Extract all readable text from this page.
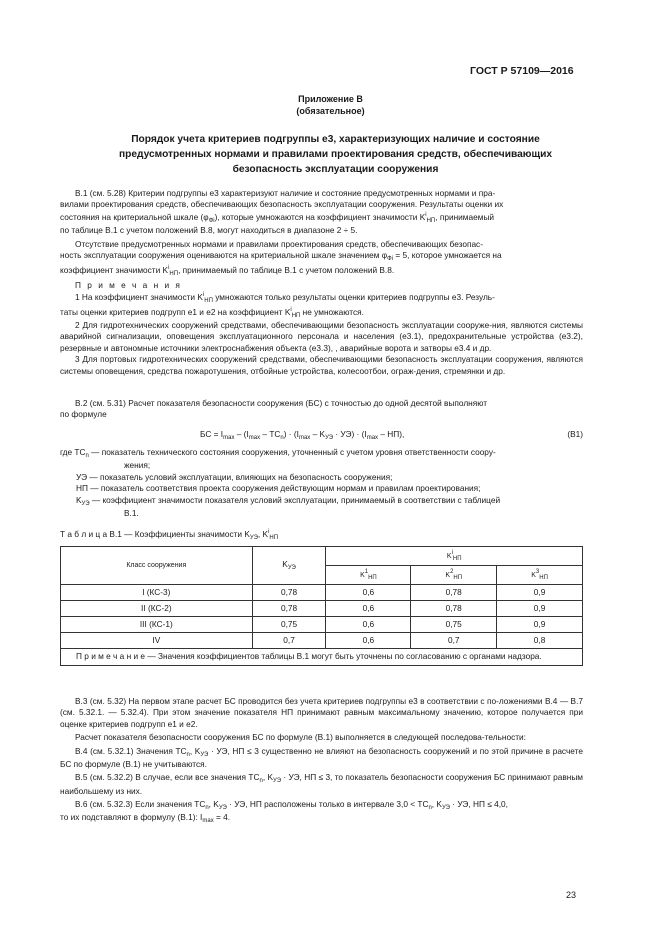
ГОСТ Р 57109—2016
Приложение В
(обязательное)
Порядок учета критериев подгруппы е3, характеризующих наличие и состояние
предусмотренных нормами и правилами проектирования средств, обеспечивающих
безопасность эксплуатации сооружения

В.1 (см. 5.28) Критерии подгруппы е3 характеризуют наличие и состояние предусмотренных нормами и пра-

вилами проектирования средств, обеспечивающих безопасность эксплуатации сооружения. Результаты оценки их

состояния на критериальной шкале $(\varphi_{Фi})$, которые умножаются на коэффициент значимости $K^i_{НП}$, принимаемый

по таблице В.1 с учетом положений В.8, могут находиться в диапазоне 2 ÷ 5.

Отсутствие предусмотренных нормами и правилами проектирования средств, обеспечивающих безопас-

ность эксплуатации сооружения оцениваются на критериальной шкале значением $\varphi_{Фi} = 5$, которое умножается на

коэффициент значимости $K^i_{НП}$, принимаемый по таблице В.1 с учетом положений В.8.

П р и м е ч а н и я

1 На коэффициент значимости $K^i_{НП}$ умножаются только результаты оценки критериев подгруппы е3. Резуль-

таты оценки критериев подгрупп е1 и е2 на коэффициент $K^i_{НП}$ не умножаются.

2 Для гидротехнических сооружений средствами, обеспечивающими безопасность эксплуатации сооруже-ния, являются системы аварийной сигнализации, оповещения эксплуатационного персонала и населения (е3.1), предохранительные устройства (е3.2), резервные и автономные источники электроснабжения объекта (е3.3), , аварийные ворота и затворы е3.4 и др.

3 Для портовых гидротехнических сооружений средствами, обеспечивающими безопасность эксплуатации сооружения, являются системы оповещения, средства пожаротушения, отбойные устройства, колесоотбои, ограж-дения, стремянки и др.

В.2 (см. 5.31) Расчет показателя безопасности сооружения (БС) с точностью до одной десятой выполняют

по формуле

БС = $I_{max} - (I_{max} - ТС_n) \cdot (I_{max} - K_{УЭ} \cdot УЭ) \cdot (I_{max} - НП)$,	(В1)

где $ТС_n$ — показатель технического состояния сооружения, уточненный с учетом уровня ответственности соору-

жения;

УЭ — показатель условий эксплуатации, влияющих на безопасность сооружения;

НП — показатель соответствия проекта сооружения действующим нормам и правилам проектирования;

$K_{УЭ}$ — коэффициент значимости показателя условий эксплуатации, принимаемый в соответствии с таблицей

В.1.

Т а б л и ц а В.1 — Коэффициенты значимости $K_{УЭ}$, $K^i_{НП}$
Класс сооружения	$K_{УЭ}$	KiНП		
		K1НП	K2НП	K3НП
I (КС-3)	0,78	0,6	0,78	0,9
II (КС-2)	0,78	0,6	0,78	0,9
III (КС-1)	0,75	0,6	0,75	0,9
IV	0,7	0,6	0,7	0,8
П р и м е ч а н и е — Значения коэффициентов таблицы В.1 могут быть уточнены по согласованию с органами надзора.				

В.3 (см. 5.32) На первом этапе расчет БС проводится без учета критериев подгруппы е3 в соответствии с по-ложениями В.4 — В.7 (см. 5.32.1. — 5.32.4). При этом значение показателя НП принимают равным максимальному значению, которое получается при оценке критериев подгрупп е1 и е2.

Расчет показателя безопасности сооружения БС по формуле (В.1) выполняется в следующей последова-тельности:

В.4 (см. 5.32.1) Значения $ТС_n$, $K_{УЭ}$ · УЭ, НП ≤ 3 существенно не влияют на безопасность сооружений и по этой причине в расчете БС по формуле (В.1) не учитываются.

В.5 (см. 5.32.2) В случае, если все значения $ТС_n$, $K_{УЭ}$ · УЭ, НП ≤ 3, то показатель безопасности сооружения БС принимают равным наибольшему из них.

В.6 (см. 5.32.3) Если значения $ТС_n$, $K_{УЭ}$ · УЭ, НП расположены только в интервале $3,0 < ТС_n$, $K_{УЭ}$ · УЭ, НП ≤ 4,0,
то их подставляют в формулу (В.1): $I_{max} = 4$.

23
